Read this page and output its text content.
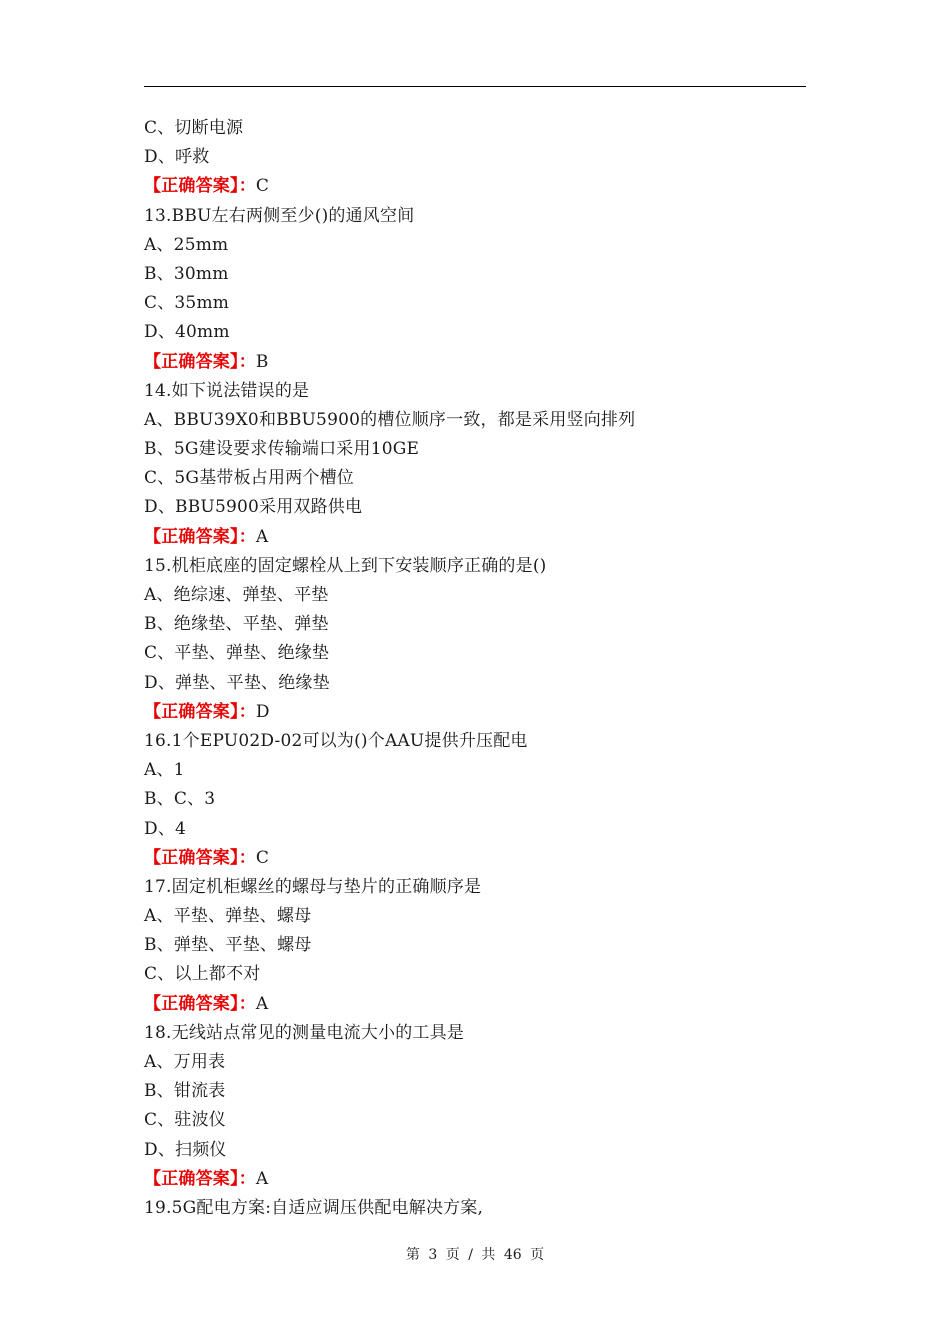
C、切断电源
D、呼救
【正确答案】：C
13.BBU左右两侧至少()的通风空间
A、25mm
B、30mm
C、35mm
D、40mm
【正确答案】：B
14.如下说法错误的是
A、BBU39X0和BBU5900的槽位顺序一致，都是采用竖向排列
B、5G建设要求传输端口采用10GE
C、5G基带板占用两个槽位
D、BBU5900采用双路供电
【正确答案】：A
15.机柜底座的固定螺栓从上到下安装顺序正确的是()
A、绝综速、弹垫、平垫
B、绝缘垫、平垫、弹垫
C、平垫、弹垫、绝缘垫
D、弹垫、平垫、绝缘垫
【正确答案】：D
16.1个EPU02D-02可以为()个AAU提供升压配电
A、1
B、C、3
D、4
【正确答案】：C
17.固定机柜螺丝的螺母与垫片的正确顺序是
A、平垫、弹垫、螺母
B、弹垫、平垫、螺母
C、以上都不对
【正确答案】：A
18.无线站点常见的测量电流大小的工具是
A、万用表
B、钳流表
C、驻波仪
D、扫频仪
【正确答案】：A
19.5G配电方案:自适应调压供配电解决方案,
第 3 页 / 共 46 页
